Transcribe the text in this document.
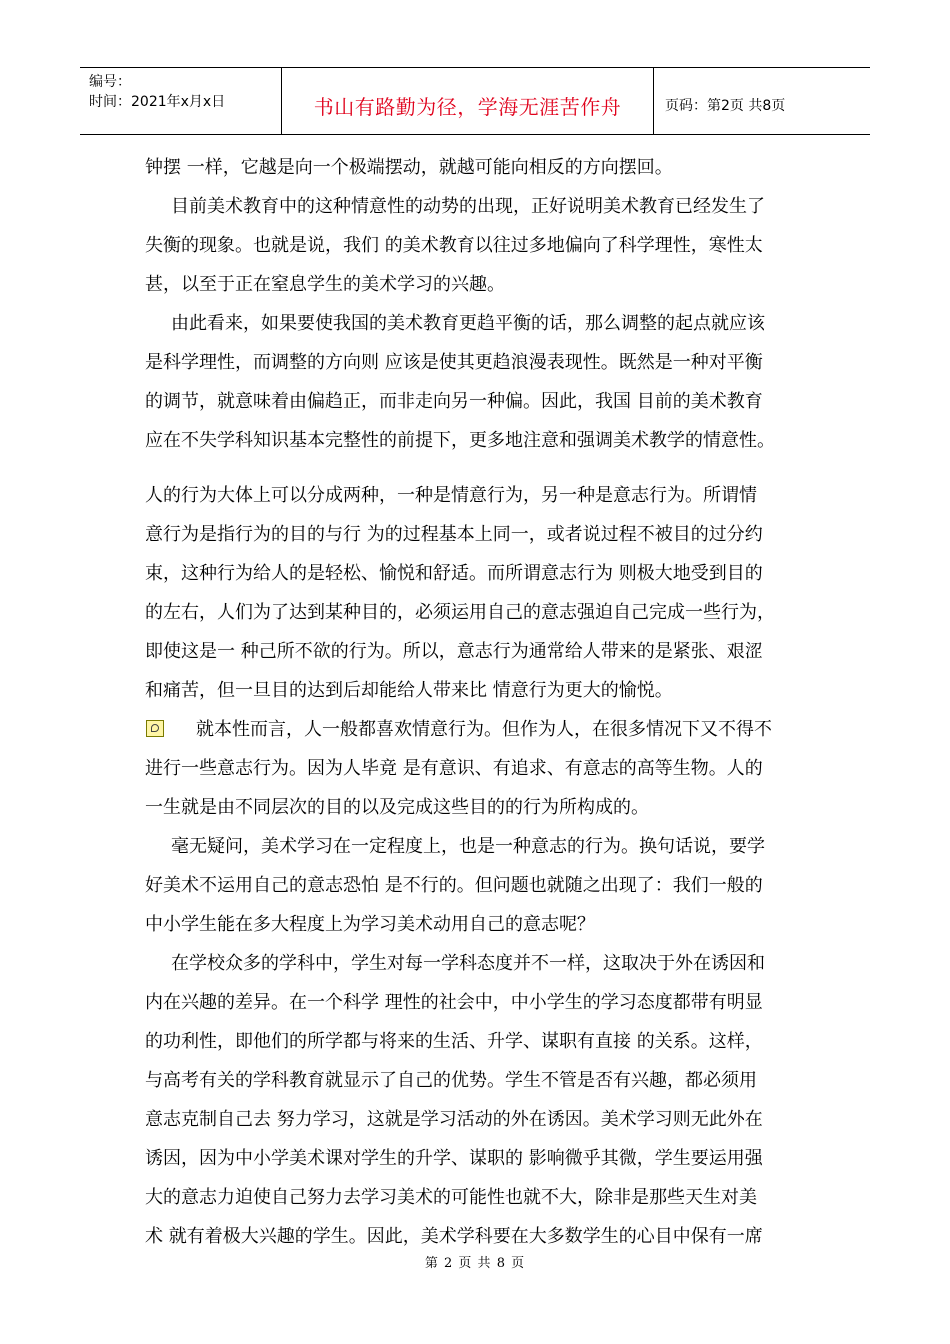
编号：
时间：2021年x月x日	书山有路勤为径，学海无涯苦作舟	页码：第2页 共8页
钟摆 一样，它越是向一个极端摆动，就越可能向相反的方向摆回。
目前美术教育中的这种情意性的动势的出现，正好说明美术教育已经发生了
失衡的现象。也就是说，我们 的美术教育以往过多地偏向了科学理性，寒性太
甚，以至于正在窒息学生的美术学习的兴趣。
由此看来，如果要使我国的美术教育更趋平衡的话，那么调整的起点就应该
是科学理性，而调整的方向则 应该是使其更趋浪漫表现性。既然是一种对平衡
的调节，就意味着由偏趋正，而非走向另一种偏。因此，我国 目前的美术教育
应在不失学科知识基本完整性的前提下，更多地注意和强调美术教学的情意性。
人的行为大体上可以分成两种，一种是情意行为，另一种是意志行为。所谓情
意行为是指行为的目的与行 为的过程基本上同一，或者说过程不被目的过分约
束，这种行为给人的是轻松、愉悦和舒适。而所谓意志行为 则极大地受到目的
的左右，人们为了达到某种目的，必须运用自己的意志强迫自己完成一些行为，
即使这是一 种己所不欲的行为。所以，意志行为通常给人带来的是紧张、艰涩
和痛苦，但一旦目的达到后却能给人带来比 情意行为更大的愉悦。
就本性而言，人一般都喜欢情意行为。但作为人，在很多情况下又不得不
进行一些意志行为。因为人毕竟 是有意识、有追求、有意志的高等生物。人的
一生就是由不同层次的目的以及完成这些目的的行为所构成的。
毫无疑问，美术学习在一定程度上，也是一种意志的行为。换句话说，要学
好美术不运用自己的意志恐怕 是不行的。但问题也就随之出现了：我们一般的
中小学生能在多大程度上为学习美术动用自己的意志呢？
在学校众多的学科中，学生对每一学科态度并不一样，这取决于外在诱因和
内在兴趣的差异。在一个科学 理性的社会中，中小学生的学习态度都带有明显
的功利性，即他们的所学都与将来的生活、升学、谋职有直接 的关系。这样，
与高考有关的学科教育就显示了自己的优势。学生不管是否有兴趣，都必须用
意志克制自己去 努力学习，这就是学习活动的外在诱因。美术学习则无此外在
诱因，因为中小学美术课对学生的升学、谋职的 影响微乎其微，学生要运用强
大的意志力迫使自己努力去学习美术的可能性也就不大，除非是那些天生对美
术 就有着极大兴趣的学生。因此，美术学科要在大多数学生的心目中保有一席
第 2 页 共 8 页
